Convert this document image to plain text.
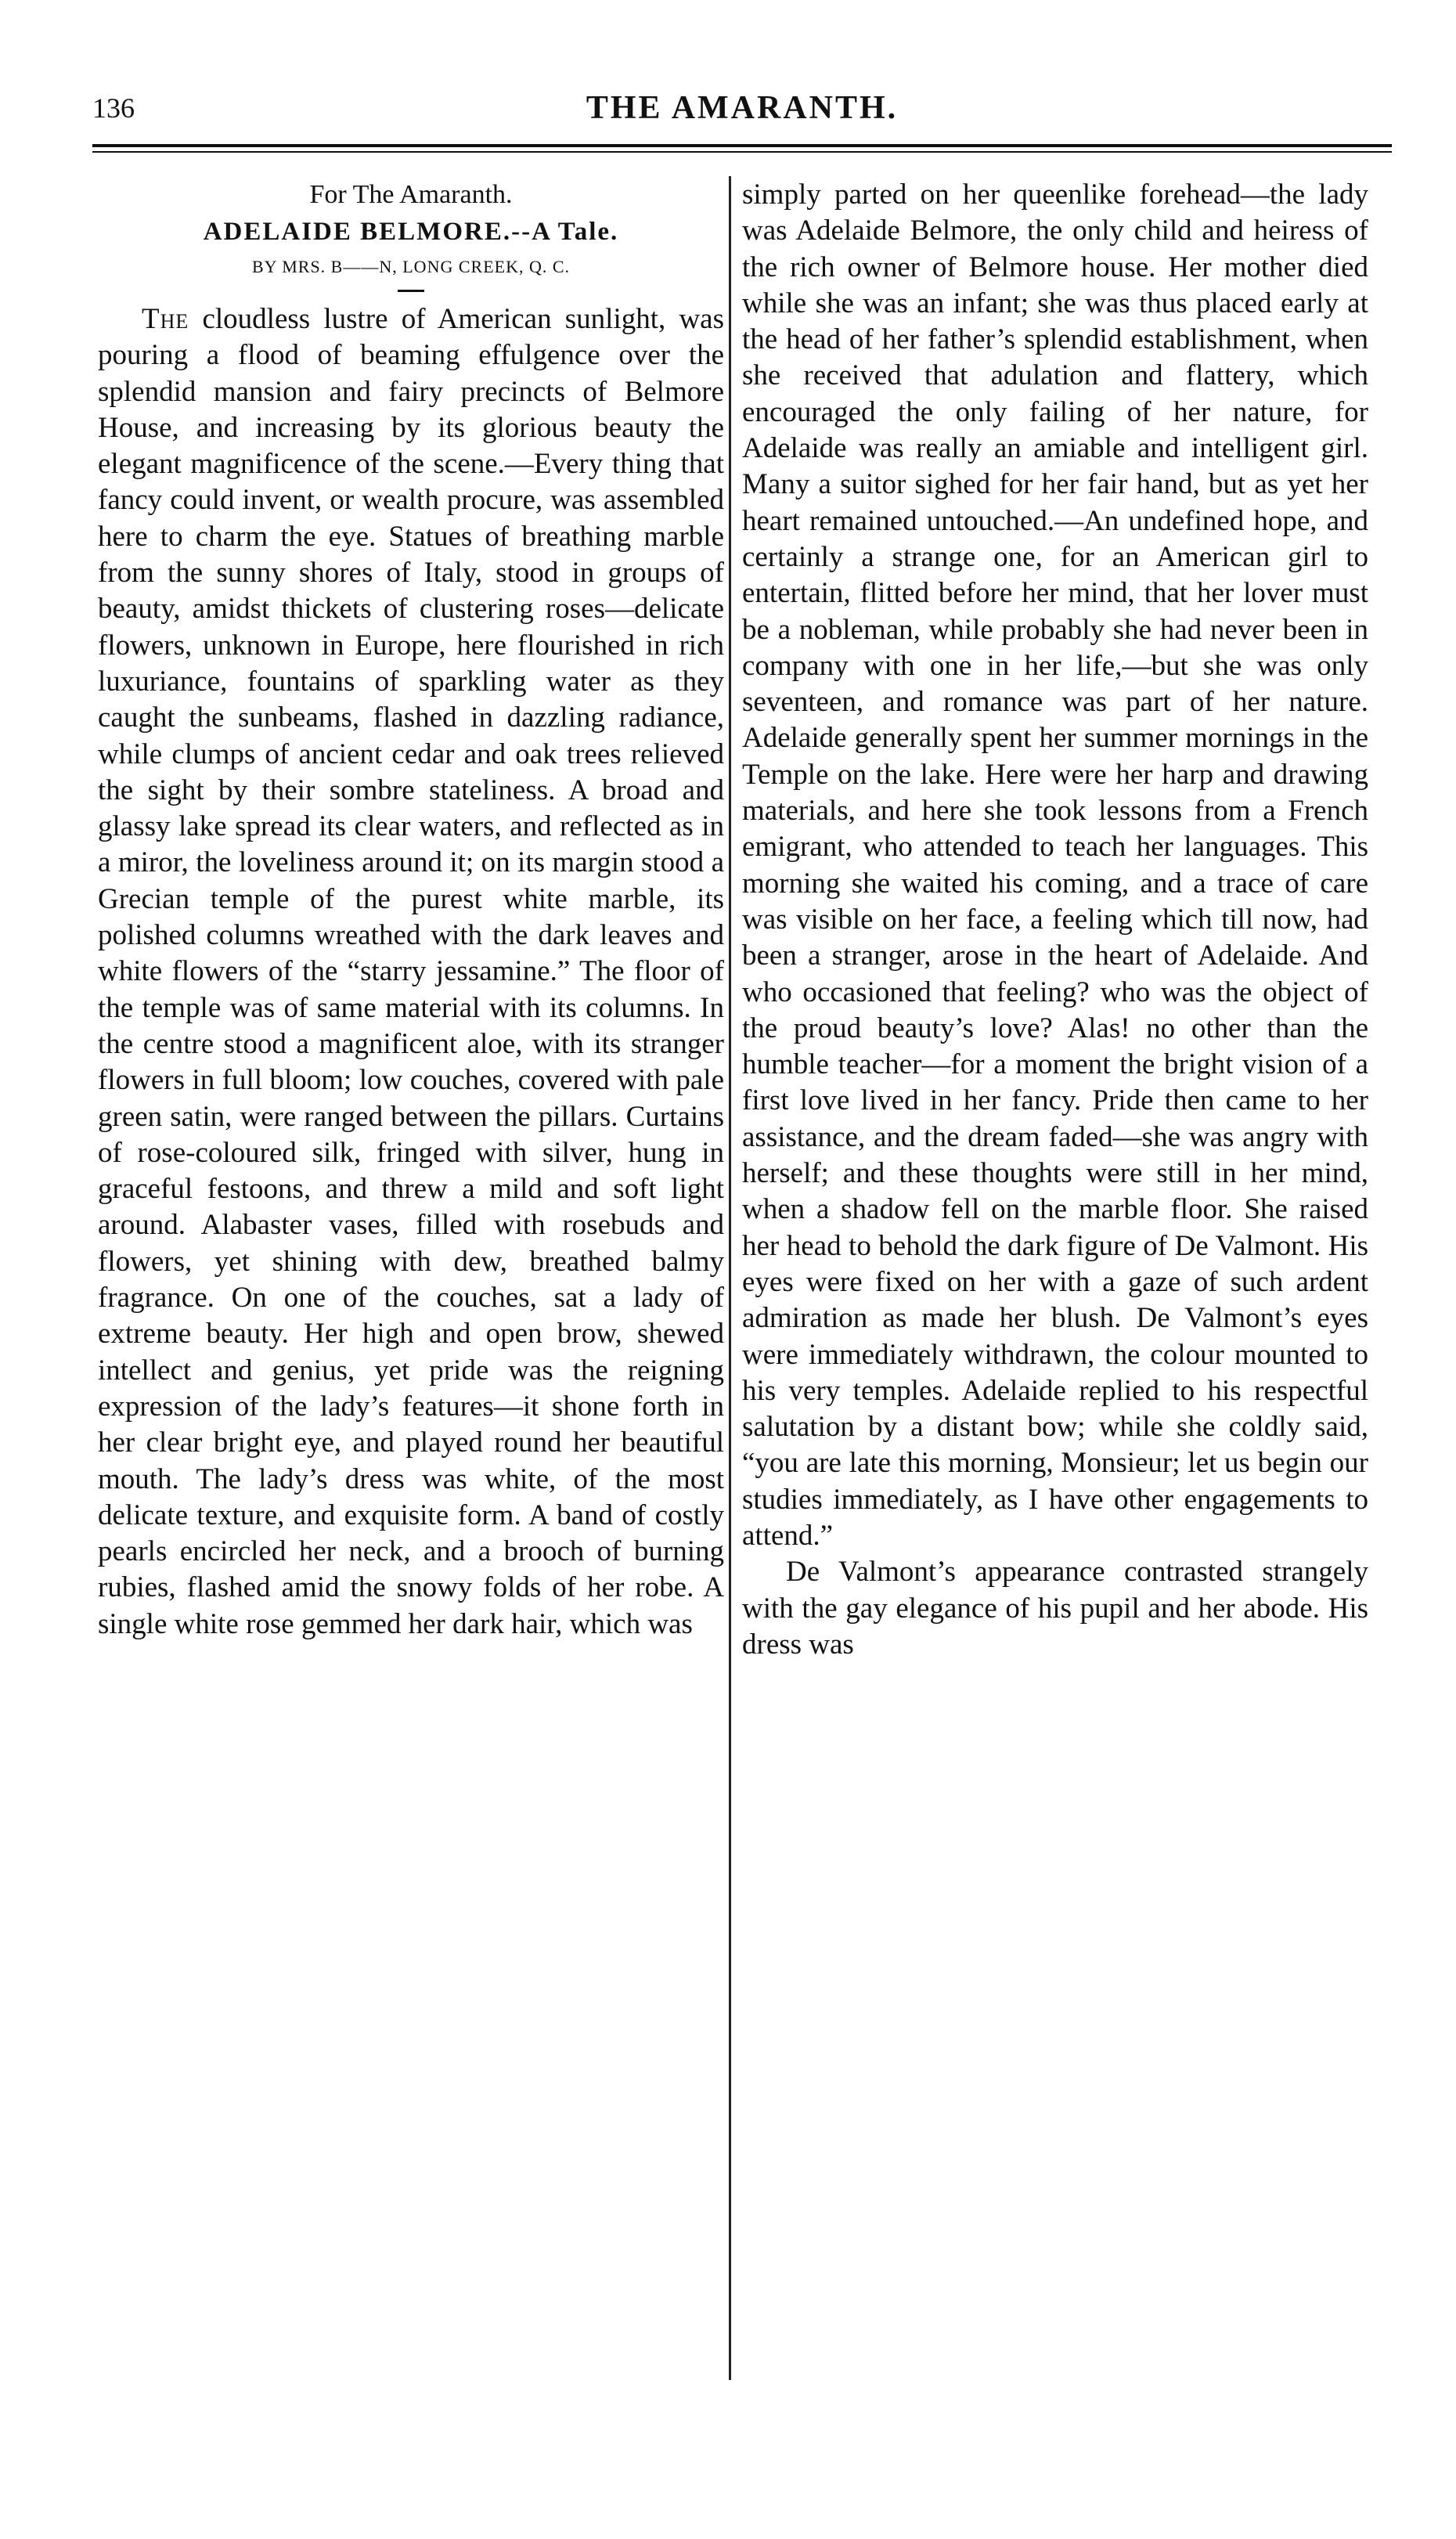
136	THE AMARANTH.

For The Amaranth.

ADELAIDE BELMORE.--A Tale.

BY MRS. B——N, LONG CREEK, Q. C.

The cloudless lustre of American sunlight, was pouring a flood of beaming effulgence over the splendid mansion and fairy precincts of Belmore House, and increasing by its glorious beauty the elegant magnificence of the scene.—Every thing that fancy could invent, or wealth procure, was assembled here to charm the eye. Statues of breathing marble from the sunny shores of Italy, stood in groups of beauty, amidst thickets of clustering roses—delicate flowers, unknown in Europe, here flourished in rich luxuriance, fountains of sparkling water as they caught the sunbeams, flashed in dazzling radiance, while clumps of ancient cedar and oak trees relieved the sight by their sombre stateliness. A broad and glassy lake spread its clear waters, and reflected as in a miror, the loveliness around it; on its margin stood a Grecian temple of the purest white marble, its polished columns wreathed with the dark leaves and white flowers of the “starry jessamine.” The floor of the temple was of same material with its columns. In the centre stood a magnificent aloe, with its stranger flowers in full bloom; low couches, covered with pale green satin, were ranged between the pillars. Curtains of rose-coloured silk, fringed with silver, hung in graceful festoons, and threw a mild and soft light around. Alabaster vases, filled with rosebuds and flowers, yet shining with dew, breathed balmy fragrance. On one of the couches, sat a lady of extreme beauty. Her high and open brow, shewed intellect and genius, yet pride was the reigning expression of the lady’s features—it shone forth in her clear bright eye, and played round her beautiful mouth. The lady’s dress was white, of the most delicate texture, and exquisite form. A band of costly pearls encircled her neck, and a brooch of burning rubies, flashed amid the snowy folds of her robe. A single white rose gemmed her dark hair, which was

simply parted on her queenlike forehead—the lady was Adelaide Belmore, the only child and heiress of the rich owner of Belmore house. Her mother died while she was an infant; she was thus placed early at the head of her father’s splendid establishment, when she received that adulation and flattery, which encouraged the only failing of her nature, for Adelaide was really an amiable and intelligent girl. Many a suitor sighed for her fair hand, but as yet her heart remained untouched.—An undefined hope, and certainly a strange one, for an American girl to entertain, flitted before her mind, that her lover must be a nobleman, while probably she had never been in company with one in her life,—but she was only seventeen, and romance was part of her nature. Adelaide generally spent her summer mornings in the Temple on the lake. Here were her harp and drawing materials, and here she took lessons from a French emigrant, who attended to teach her languages. This morning she waited his coming, and a trace of care was visible on her face, a feeling which till now, had been a stranger, arose in the heart of Adelaide. And who occasioned that feeling? who was the object of the proud beauty’s love? Alas! no other than the humble teacher—for a moment the bright vision of a first love lived in her fancy. Pride then came to her assistance, and the dream faded—she was angry with herself; and these thoughts were still in her mind, when a shadow fell on the marble floor. She raised her head to behold the dark figure of De Valmont. His eyes were fixed on her with a gaze of such ardent admiration as made her blush. De Valmont’s eyes were immediately withdrawn, the colour mounted to his very temples. Adelaide replied to his respectful salutation by a distant bow; while she coldly said, “you are late this morning, Monsieur; let us begin our studies immediately, as I have other engagements to attend.”

De Valmont’s appearance contrasted strangely with the gay elegance of his pupil and her abode. His dress was
